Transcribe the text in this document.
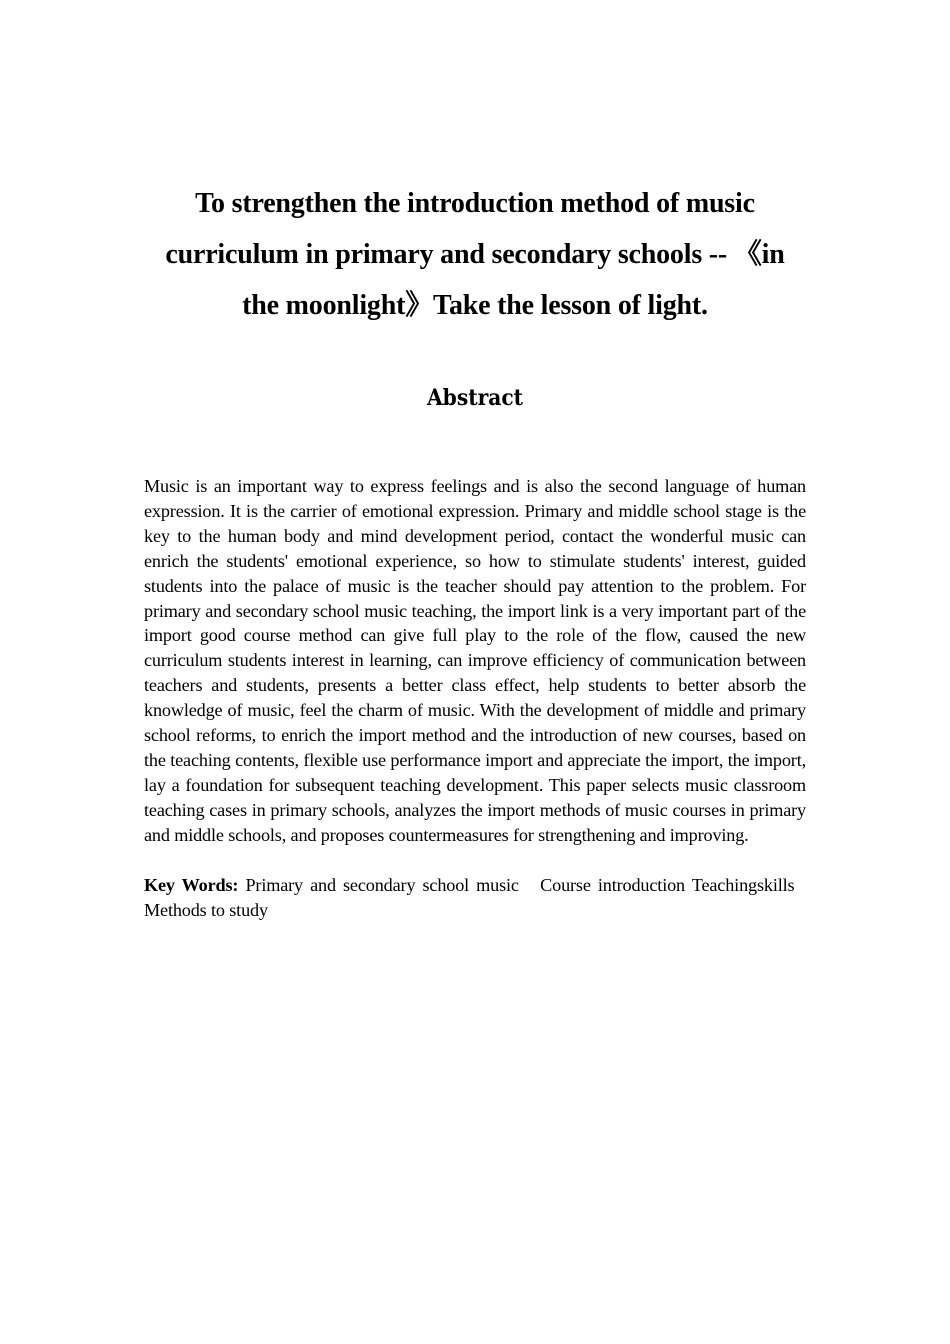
To strengthen the introduction method of music
curriculum in primary and secondary schools -- 《in
the moonlight》Take the lesson of light.
Abstract

Music is an important way to express feelings and is also the second language of human expression. It is the carrier of emotional expression. Primary and middle school stage is the key to the human body and mind development period, contact the wonderful music can enrich the students' emotional experience, so how to stimulate students' interest, guided students into the palace of music is the teacher should pay attention to the problem. For primary and secondary school music teaching, the import link is a very important part of the import good course method can give full play to the role of the flow, caused the new curriculum students interest in learning, can improve efficiency of communication between teachers and students, presents a better class effect, help students to better absorb the knowledge of music, feel the charm of music. With the development of middle and primary school reforms, to enrich the import method and the introduction of new courses, based on the teaching contents, flexible use performance import and appreciate the import, the import, lay a foundation for subsequent teaching development. This paper selects music classroom teaching cases in primary schools, analyzes the import methods of music courses in primary and middle schools, and proposes countermeasures for strengthening and improving.

Key Words: Primary and secondary school music Course introduction Teachingskills   Methods to study
